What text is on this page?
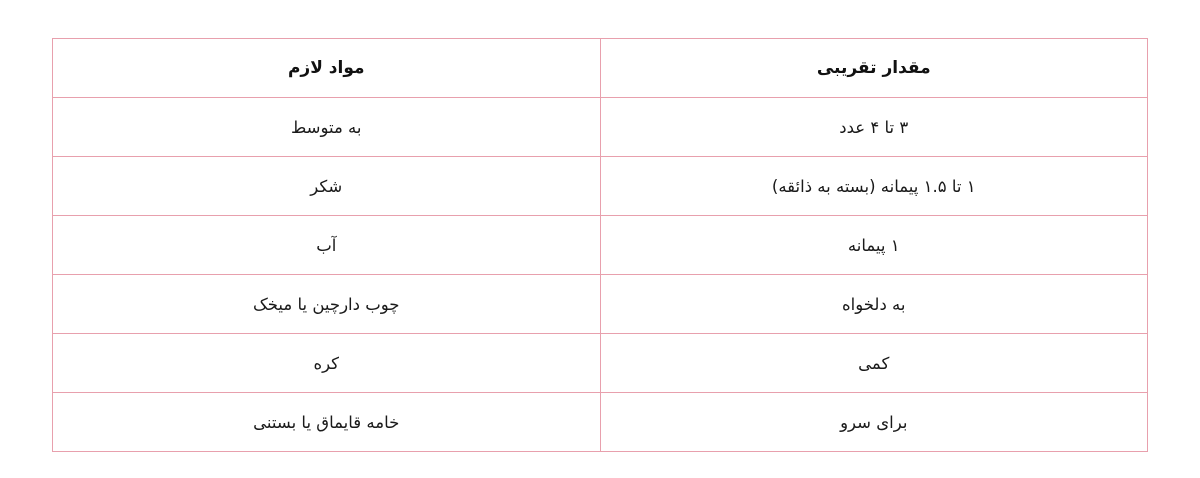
مقدار تقریبی	مواد لازم
۳ تا ۴ عدد	به متوسط
۱ تا ۱.۵ پیمانه (بسته به ذائقه)	شکر
۱ پیمانه	آب
به دلخواه	چوب دارچین یا میخک
کمی	کره
برای سرو	خامه قایماق یا بستنی
